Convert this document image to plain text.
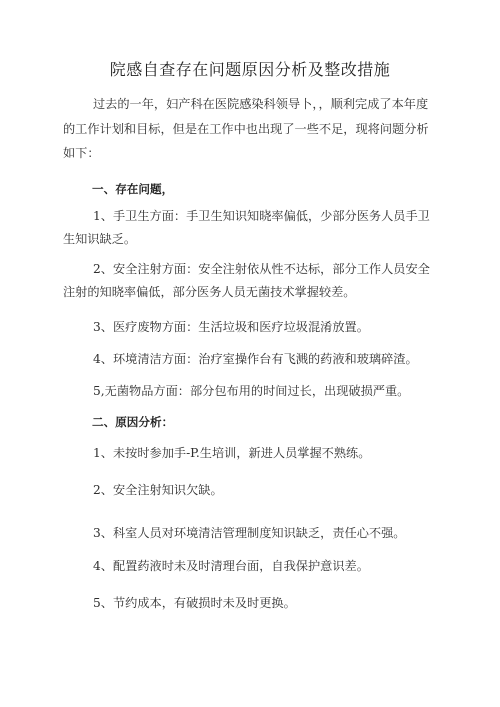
院感自查存在问题原因分析及整改措施
过去的一年，妇产科在医院感染科领导卜，，顺利完成了本年度的工作计划和目标，但是在工作中也出现了一些不足，现将问题分析如下：
一、存在问题，
1、手卫生方面：手卫生知识知晓率偏低，少部分医务人员手卫生知识缺乏。
2、安全注射方面：安全注射依从性不达标，部分工作人员安全注射的知晓率偏低，部分医务人员无菌技术掌握较差。
3、医疗废物方面：生活垃圾和医疗垃圾混淆放置。
4、环境清洁方面：治疗室操作台有飞溅的药液和玻璃碎渣。
5,无菌物品方面：部分包布用的时间过长，出现破损严重。
二、原因分析：
1、未按时参加手-P.生培训，新进人员掌握不熟练。
2、安全注射知识欠缺。
3、科室人员对环境清洁管理制度知识缺乏，责任心不强。
4、配置药液时未及时清理台面，自我保护意识差。
5、节约成本，有破损时未及时更换。
